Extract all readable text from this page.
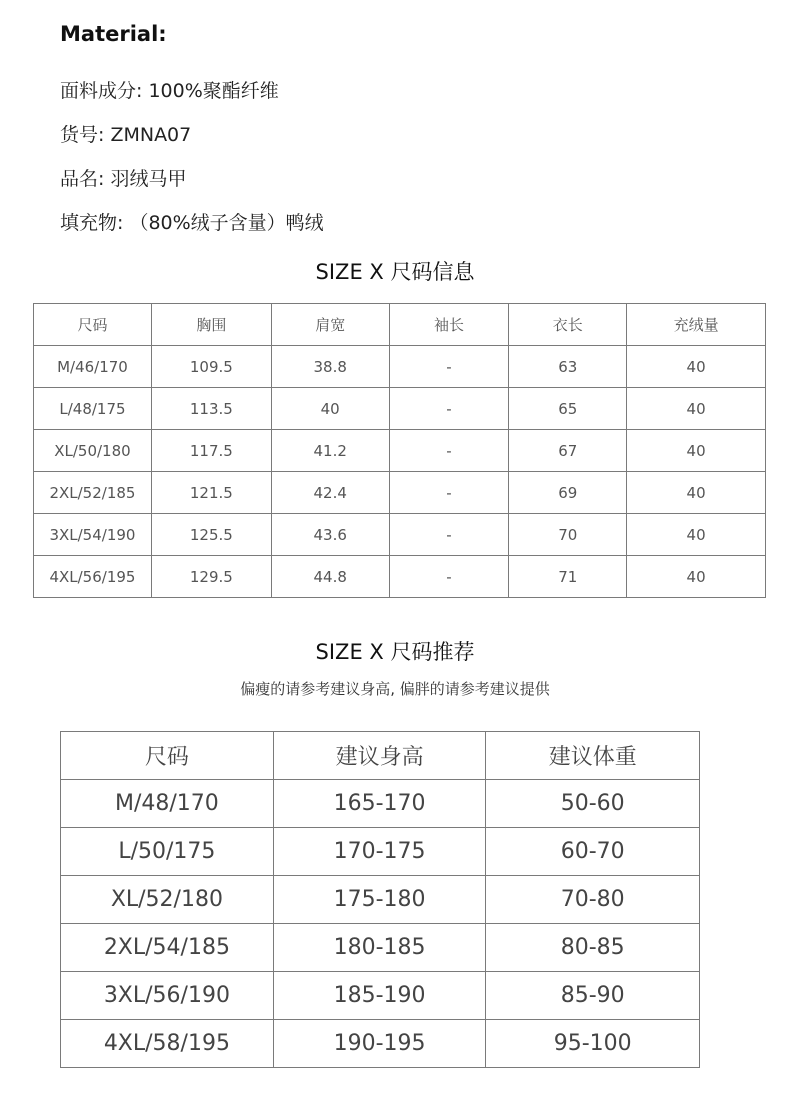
Material:
面料成分: 100%聚酯纤维
货号: ZMNA07
品名: 羽绒马甲
填充物: （80%绒子含量）鸭绒
SIZE X 尺码信息
尺码	胸围	肩宽	袖长	衣长	充绒量
M/46/170	109.5	38.8	-	63	40
L/48/175	113.5	40	-	65	40
XL/50/180	117.5	41.2	-	67	40
2XL/52/185	121.5	42.4	-	69	40
3XL/54/190	125.5	43.6	-	70	40
4XL/56/195	129.5	44.8	-	71	40
SIZE X 尺码推荐
偏瘦的请参考建议身高, 偏胖的请参考建议提供
尺码	建议身高	建议体重
M/48/170	165-170	50-60
L/50/175	170-175	60-70
XL/52/180	175-180	70-80
2XL/54/185	180-185	80-85
3XL/56/190	185-190	85-90
4XL/58/195	190-195	95-100
